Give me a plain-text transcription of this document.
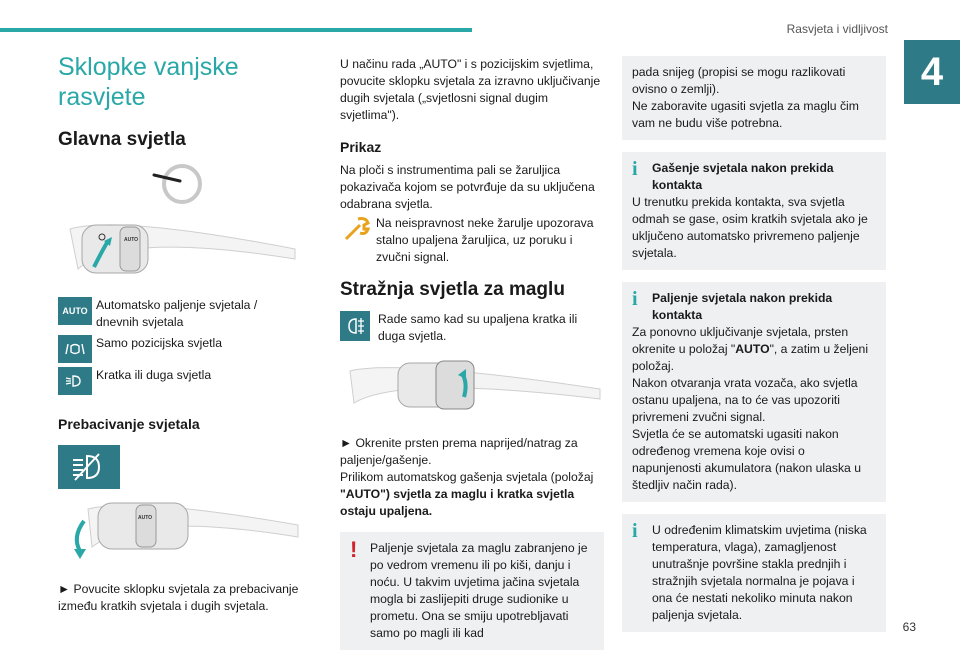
Rasvjeta i vidljivost
4
63
Sklopke vanjske rasvjete
Glavna svjetla
AUTO
AUTO Automatsko paljenje svjetala / dnevnih svjetala

Samo pozicijska svjetla

Kratka ili duga svjetla

Prebacivanje svjetala
AUTO

► Povucite sklopku svjetala za prebacivanje između kratkih svjetala i dugih svjetala.

U načinu rada „AUTO" i s pozicijskim svjetlima, povucite sklopku svjetala za izravno uključivanje dugih svjetala („svjetlosni signal dugim svjetlima").

Prikaz

Na ploči s instrumentima pali se žaruljica pokazivača kojom se potvrđuje da su uključena odabrana svjetla.

Na neispravnost neke žarulje upozorava stalno upaljena žaruljica, uz poruku i zvučni signal.

Stražnja svjetla za maglu

Rade samo kad su upaljena kratka ili duga svjetla.

► Okrenite prsten prema naprijed/natrag za paljenje/gašenje.

Prilikom automatskog gašenja svjetala (položaj
"AUTO") svjetla za maglu i kratka svjetla ostaju upaljena.

!	Paljenje svjetala za maglu zabranjeno je po vedrom vremenu ili po kiši, danju i noću. U takvim uvjetima jačina svjetala mogla bi zaslijepiti druge sudionike u prometu. Ona se smiju upotrebljavati samo po magli ili kad

pada snijeg (propisi se mogu razlikovati ovisno o zemlji).

Ne zaboravite ugasiti svjetla za maglu čim vam ne budu više potrebna.

i	Gašenje svjetala nakon prekida kontakta

U trenutku prekida kontakta, sva svjetla odmah se gase, osim kratkih svjetala ako je uključeno automatsko privremeno paljenje svjetala.

i	Paljenje svjetala nakon prekida kontakta

Za ponovno uključivanje svjetala, prsten okrenite u položaj "AUTO", a zatim u željeni položaj.

Nakon otvaranja vrata vozača, ako svjetla ostanu upaljena, na to će vas upozoriti privremeni zvučni signal.

Svjetla će se automatski ugasiti nakon određenog vremena koje ovisi o napunjenosti akumulatora (nakon ulaska u štedljiv način rada).

i	U određenim klimatskim uvjetima (niska temperatura, vlaga), zamagljenost unutrašnje površine stakla prednjih i stražnjih svjetala normalna je pojava i ona će nestati nekoliko minuta nakon paljenja svjetala.
